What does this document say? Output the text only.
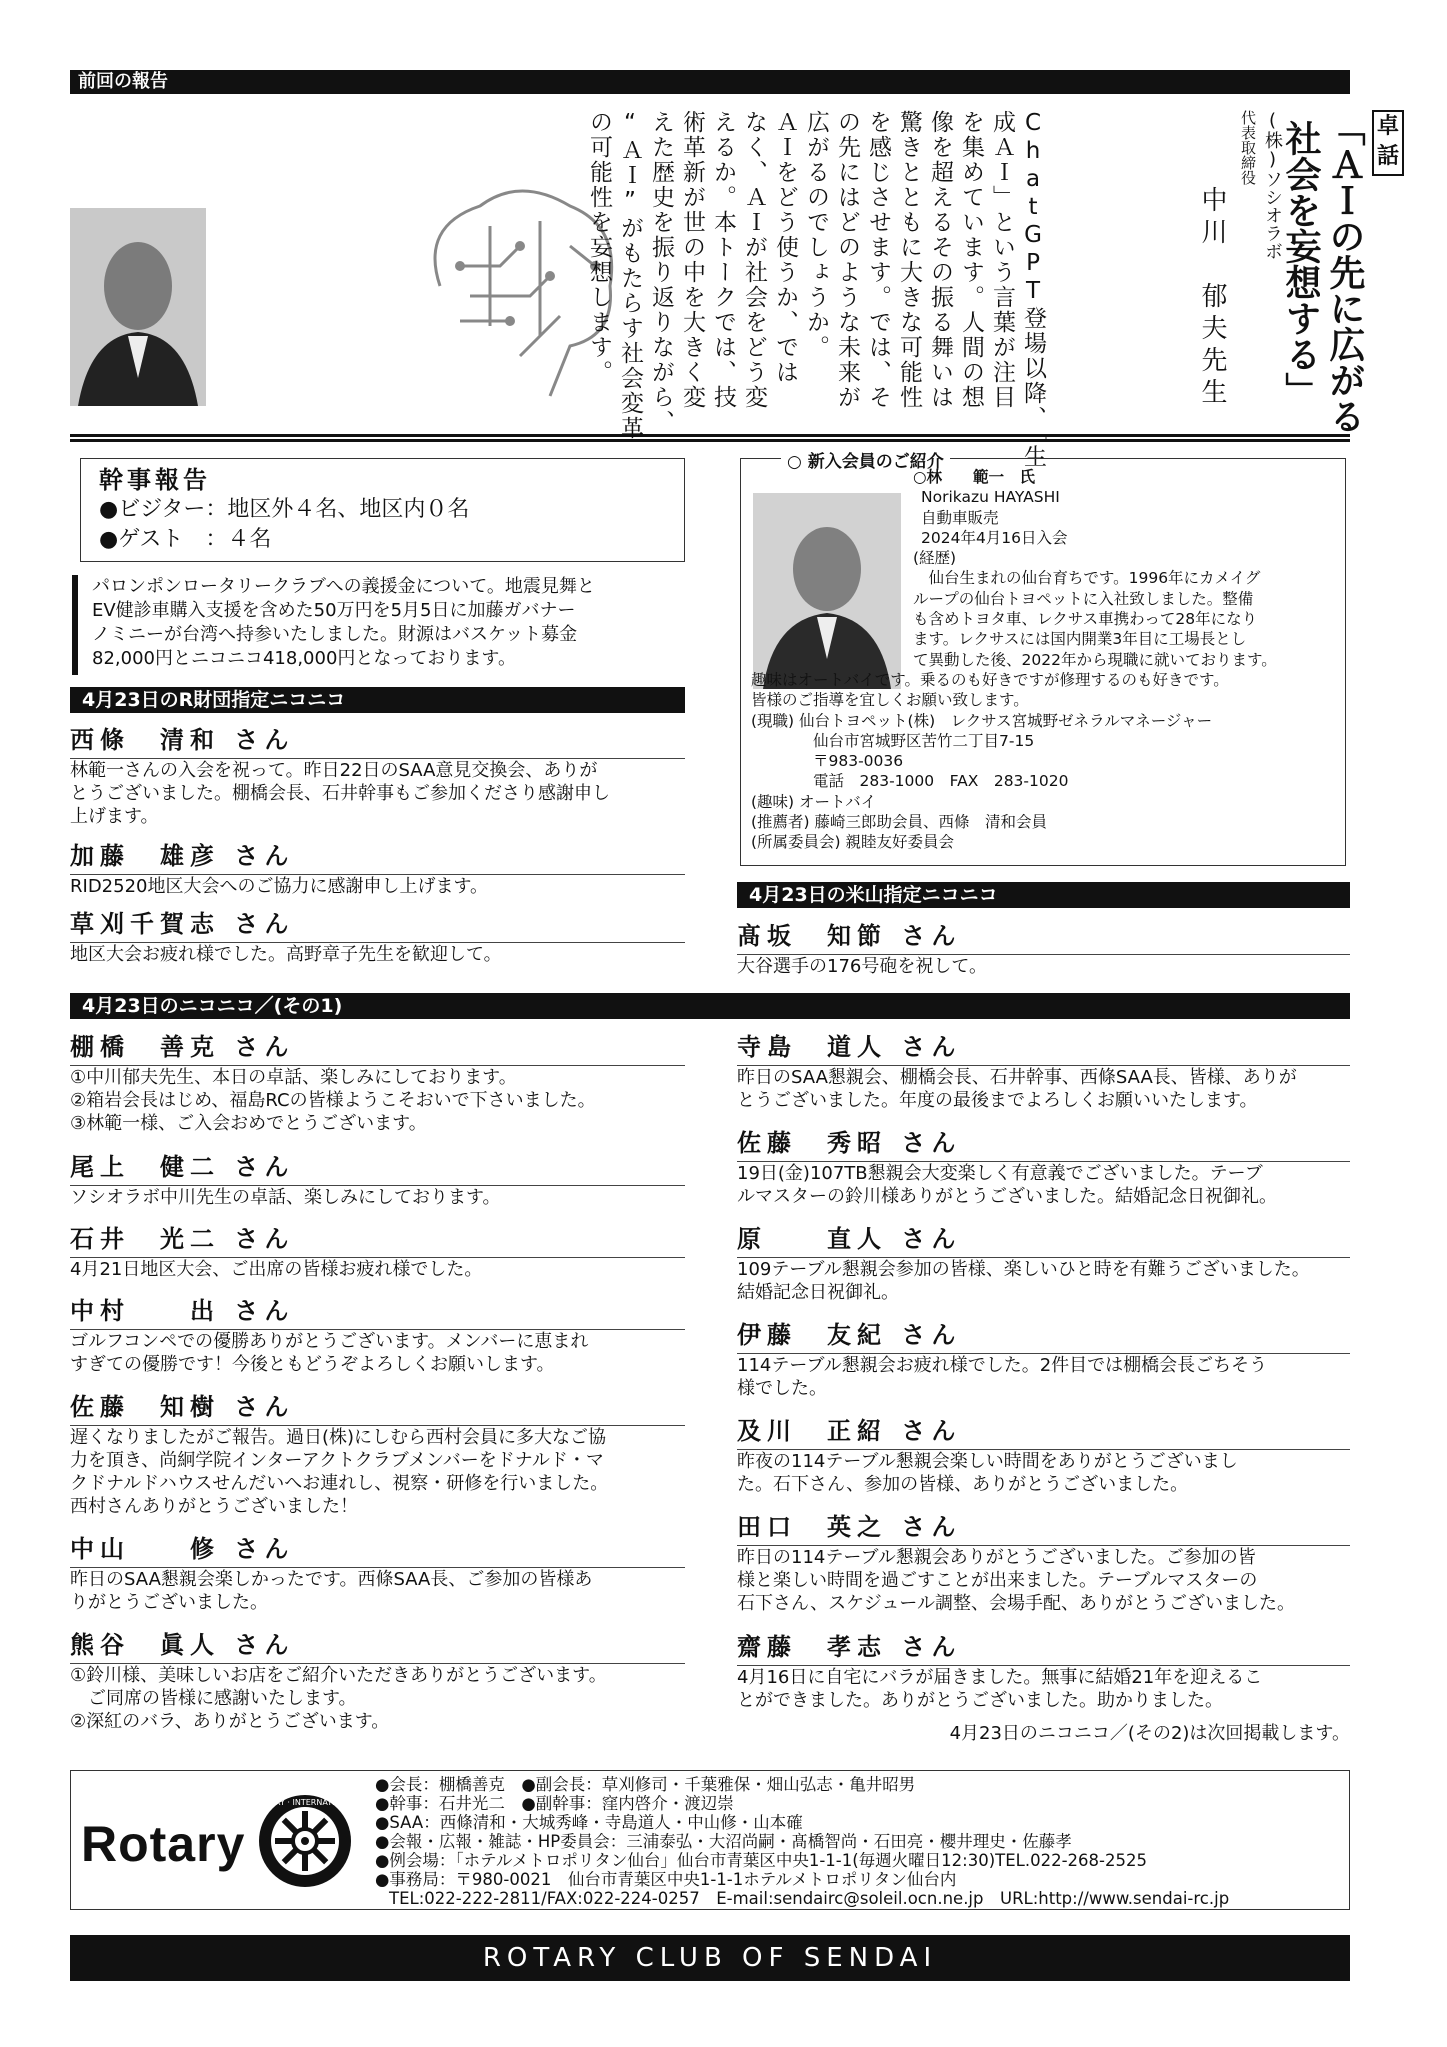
前回の報告
ChatGPT登場以降、「生
成ＡＩ」という言葉が注目
を集めています。人間の想
像を超えるその振る舞いは
驚きとともに大きな可能性
を感じさせます。では、そ
の先にはどのような未来が
広がるのでしょうか。
ＡＩをどう使うか、では
なく、ＡＩが社会をどう変
えるか。本トークでは、技
術革新が世の中を大きく変
えた歴史を振り返りながら、
“ＡＩ”がもたらす社会変革
の可能性を妄想します。	中川　郁夫先生
(株)ソシオラボ
代表取締役 「ＡＩの先に広がる
社会を妄想する」	卓
話
幹事報告
●ビジター：地区外４名、地区内０名
●ゲスト　：４名
パロンポンロータリークラブへの義援金について。地震見舞と
EV健診車購入支援を含めた50万円を5月5日に加藤ガバナー
ノミニーが台湾へ持参いたしました。財源はバスケット募金
82,000円とニコニコ418,000円となっております。
4月23日のR財団指定ニコニコ
西條　清和 さん
林範一さんの入会を祝って。昨日22日のSAA意見交換会、ありが
とうございました。棚橋会長、石井幹事もご参加くださり感謝申し
上げます。
加藤　雄彦 さん
RID2520地区大会へのご協力に感謝申し上げます。
草刈千賀志 さん
地区大会お疲れ様でした。高野章子先生を歓迎して。
○ 新入会員のご紹介
○林　　範一　氏
Norikazu HAYASHI
自動車販売
2024年4月16日入会
(経歴)
　仙台生まれの仙台育ちです。1996年にカメイグ
ループの仙台トヨペットに入社致しました。整備
も含めトヨタ車、レクサス車携わって28年になり
ます。レクサスには国内開業3年目に工場長とし
て異動した後、2022年から現職に就いております。
趣味はオートバイです。乗るのも好きですが修理するのも好きです。
皆様のご指導を宜しくお願い致します。
(現職) 仙台トヨペット(株)　レクサス宮城野ゼネラルマネージャー
　　　　仙台市宮城野区苦竹二丁目7-15
　　　　〒983-0036
　　　　電話　283-1000　FAX　283-1020
(趣味) オートバイ
(推薦者) 藤崎三郎助会員、西條　清和会員
(所属委員会) 親睦友好委員会
4月23日の米山指定ニコニコ
髙坂　知節 さん
大谷選手の176号砲を祝して。
4月23日のニコニコ／(その1)
棚橋　善克 さん
①中川郁夫先生、本日の卓話、楽しみにしております。
②箱岩会長はじめ、福島RCの皆様ようこそおいで下さいました。
③林範一様、ご入会おめでとうございます。
尾上　健二 さん
ソシオラボ中川先生の卓話、楽しみにしております。
石井　光二 さん
4月21日地区大会、ご出席の皆様お疲れ様でした。
中村　　出 さん
ゴルフコンペでの優勝ありがとうございます。メンバーに恵まれ
すぎての優勝です！今後ともどうぞよろしくお願いします。
佐藤　知樹 さん
遅くなりましたがご報告。過日(株)にしむら西村会員に多大なご協
力を頂き、尚絅学院インターアクトクラブメンバーをドナルド・マ
クドナルドハウスせんだいへお連れし、視察・研修を行いました。
西村さんありがとうございました！
中山　　修 さん
昨日のSAA懇親会楽しかったです。西條SAA長、ご参加の皆様あ
りがとうございました。
熊谷　眞人 さん
①鈴川様、美味しいお店をご紹介いただきありがとうございます。
　ご同席の皆様に感謝いたします。
②深紅のバラ、ありがとうございます。
寺島　道人 さん
昨日のSAA懇親会、棚橋会長、石井幹事、西條SAA長、皆様、ありが
とうございました。年度の最後までよろしくお願いいたします。
佐藤　秀昭 さん
19日(金)107TB懇親会大変楽しく有意義でございました。テーブ
ルマスターの鈴川様ありがとうございました。結婚記念日祝御礼。
原　　直人 さん
109テーブル懇親会参加の皆様、楽しいひと時を有難うございました。
結婚記念日祝御礼。
伊藤　友紀 さん
114テーブル懇親会お疲れ様でした。2件目では棚橋会長ごちそう
様でした。
及川　正紹 さん
昨夜の114テーブル懇親会楽しい時間をありがとうございまし
た。石下さん、参加の皆様、ありがとうございました。
田口　英之 さん
昨日の114テーブル懇親会ありがとうございました。ご参加の皆
様と楽しい時間を過ごすことが出来ました。テーブルマスターの
石下さん、スケジュール調整、会場手配、ありがとうございました。
齋藤　孝志 さん
4月16日に自宅にバラが届きました。無事に結婚21年を迎えるこ
とができました。ありがとうございました。助かりました。
4月23日のニコニコ／(その2)は次回掲載します。
Rotary
ROTARY · INTERNATIONAL
●会長：棚橋善克　●副会長：草刈修司・千葉雅保・畑山弘志・亀井昭男
●幹事：石井光二　●副幹事：窪内啓介・渡辺崇
●SAA：西條清和・大城秀峰・寺島道人・中山修・山本確
●会報・広報・雑誌・HP委員会：三浦泰弘・大沼尚嗣・髙橋智尚・石田亮・櫻井理史・佐藤孝
●例会場：「ホテルメトロポリタン仙台」仙台市青葉区中央1-1-1(毎週火曜日12:30)TEL.022-268-2525
●事務局：〒980-0021　仙台市青葉区中央1-1-1ホテルメトロポリタン仙台内
TEL:022-222-2811/FAX:022-224-0257　E-mail:sendairc@soleil.ocn.ne.jp　URL:http://www.sendai-rc.jp
ROTARY CLUB OF SENDAI
